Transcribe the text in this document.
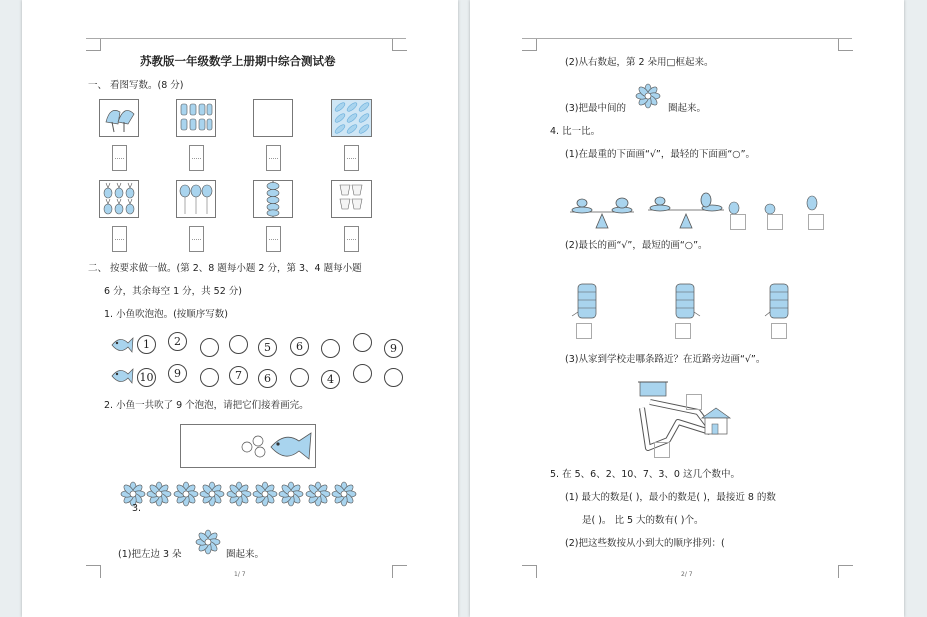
苏教版一年级数学上册期中综合测试卷
一、 看图写数。(8 分)
二、 按要求做一做。(第 2、8 题每小题 2 分，第 3、4 题每小题
6 分，其余每空 1 分，共 52 分)
1. 小鱼吹泡泡。(按顺序写数)
1	2	5	6	9
10	9	7	6	4
2. 小鱼一共吹了 9 个泡泡，请把它们接着画完。
3.
(1)把左边 3 朵	圈起来。
1/ 7
(2)从右数起，第 2 朵用□框起来。
(3)把最中间的	圈起来。
4. 比一比。
(1)在最重的下面画“√”，最轻的下面画“○”。
(2)最长的画“√”，最短的画“○”。
(3)从家到学校走哪条路近？在近路旁边画“√”。
5. 在 5、6、2、10、7、3、0 这几个数中。
(1) 最大的数是( )，最小的数是( )，最接近 8 的数
是( )。 比 5 大的数有( )个。
(2)把这些数按从小到大的顺序排列：(
2/ 7
